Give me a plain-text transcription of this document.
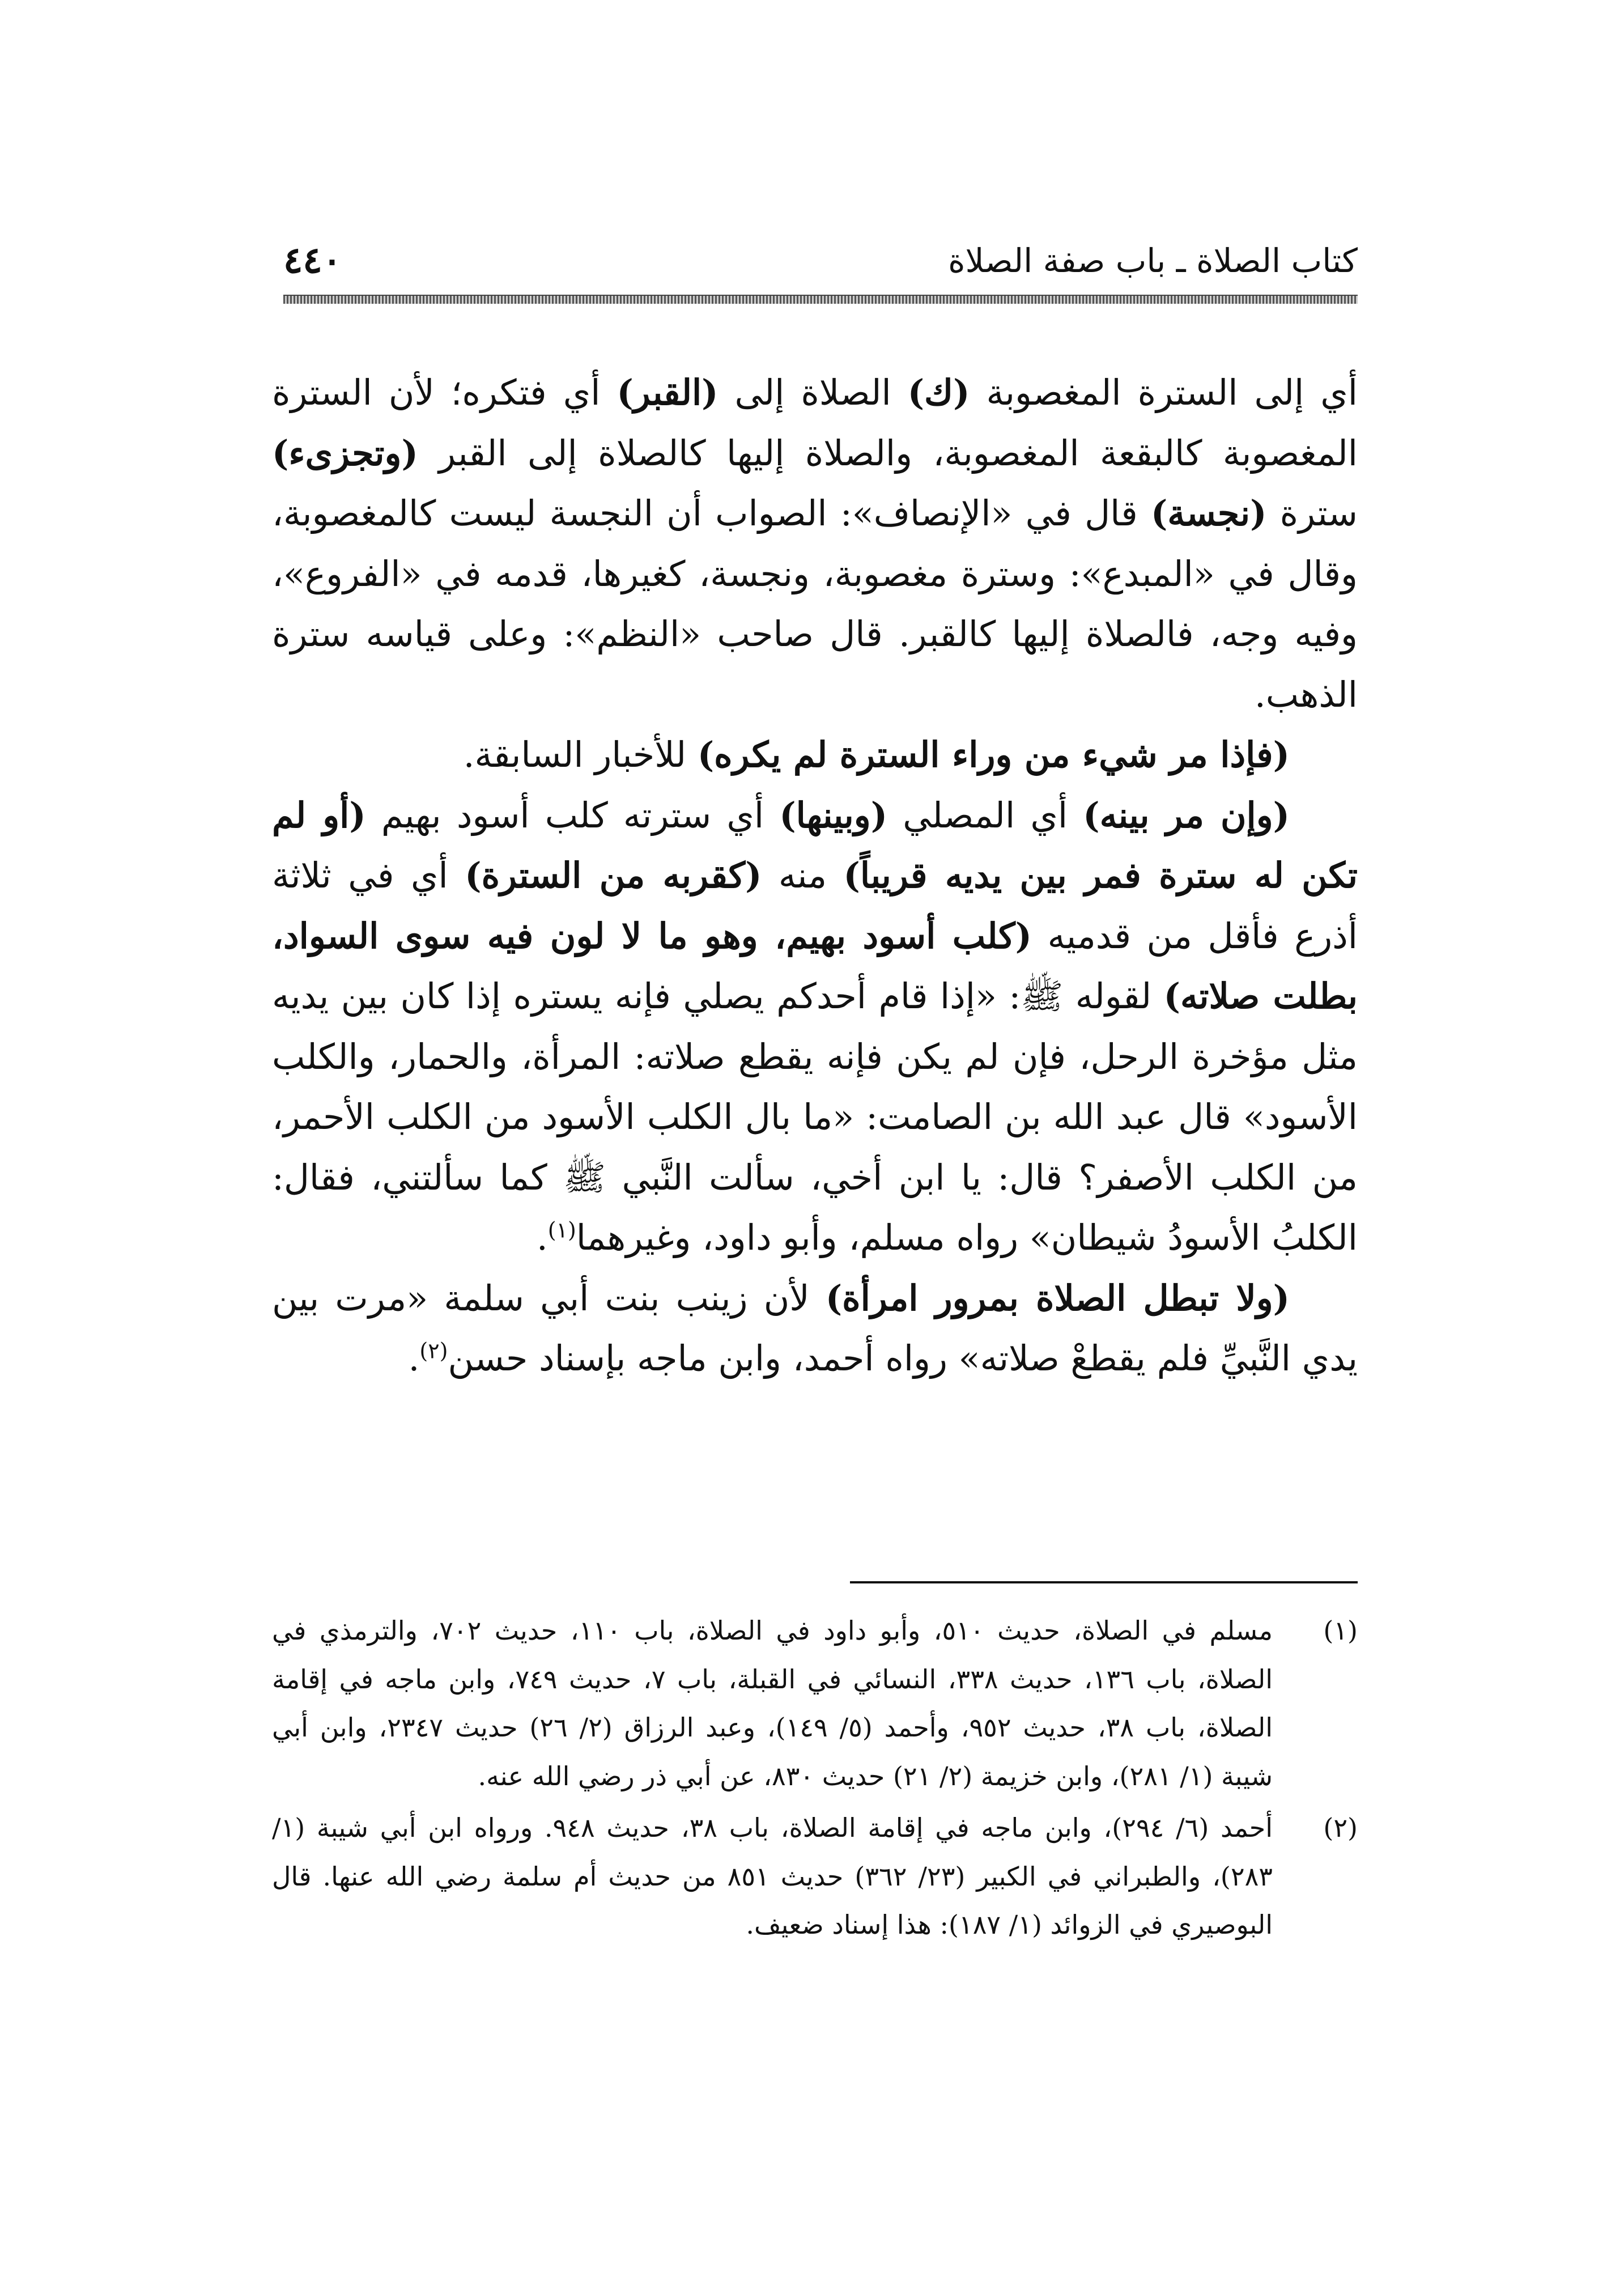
كتاب الصلاة ـ باب صفة الصلاة
٤٤٠

أي إلى السترة المغصوبة (ك) الصلاة إلى (القبر) أي فتكره؛ لأن السترة المغصوبة كالبقعة المغصوبة، والصلاة إليها كالصلاة إلى القبر (وتجزىء) سترة (نجسة) قال في «الإنصاف»: الصواب أن النجسة ليست كالمغصوبة، وقال في «المبدع»: وسترة مغصوبة، ونجسة، كغيرها، قدمه في «الفروع»، وفيه وجه، فالصلاة إليها كالقبر. قال صاحب «النظم»: وعلى قياسه سترة الذهب.

(فإذا مر شيء من وراء السترة لم يكره) للأخبار السابقة.

(وإن مر بينه) أي المصلي (وبينها) أي سترته كلب أسود بهيم (أو لم تكن له سترة فمر بين يديه قريباً) منه (كقربه من السترة) أي في ثلاثة أذرع فأقل من قدميه (كلب أسود بهيم، وهو ما لا لون فيه سوى السواد، بطلت صلاته) لقوله ﷺ: «إذا قام أحدكم يصلي فإنه يستره إذا كان بين يديه مثل مؤخرة الرحل، فإن لم يكن فإنه يقطع صلاته: المرأة، والحمار، والكلب الأسود» قال عبد الله بن الصامت: «ما بال الكلب الأسود من الكلب الأحمر، من الكلب الأصفر؟ قال: يا ابن أخي، سألت النَّبي ﷺ كما سألتني، فقال: الكلبُ الأسودُ شيطان» رواه مسلم، وأبو داود، وغيرهما$^{(١)}$.

(ولا تبطل الصلاة بمرور امرأة) لأن زينب بنت أبي سلمة «مرت بين يدي النَّبيِّ فلم يقطعْ صلاته» رواه أحمد، وابن ماجه بإسناد حسن$^{(٢)}$.

(١)
مسلم في الصلاة، حديث ٥١٠، وأبو داود في الصلاة، باب ١١٠، حديث ٧٠٢، والترمذي في الصلاة، باب ١٣٦، حديث ٣٣٨، النسائي في القبلة، باب ٧، حديث ٧٤٩، وابن ماجه في إقامة الصلاة، باب ٣٨، حديث ٩٥٢، وأحمد (٥/ ١٤٩)، وعبد الرزاق (٢/ ٢٦) حديث ٢٣٤٧، وابن أبي شيبة (١/ ٢٨١)، وابن خزيمة (٢/ ٢١) حديث ٨٣٠، عن أبي ذر رضي الله عنه.
(٢)
أحمد (٦/ ٢٩٤)، وابن ماجه في إقامة الصلاة، باب ٣٨، حديث ٩٤٨. ورواه ابن أبي شيبة (١/ ٢٨٣)، والطبراني في الكبير (٢٣/ ٣٦٢) حديث ٨٥١ من حديث أم سلمة رضي الله عنها. قال البوصيري في الزوائد (١/ ١٨٧): هذا إسناد ضعيف.
